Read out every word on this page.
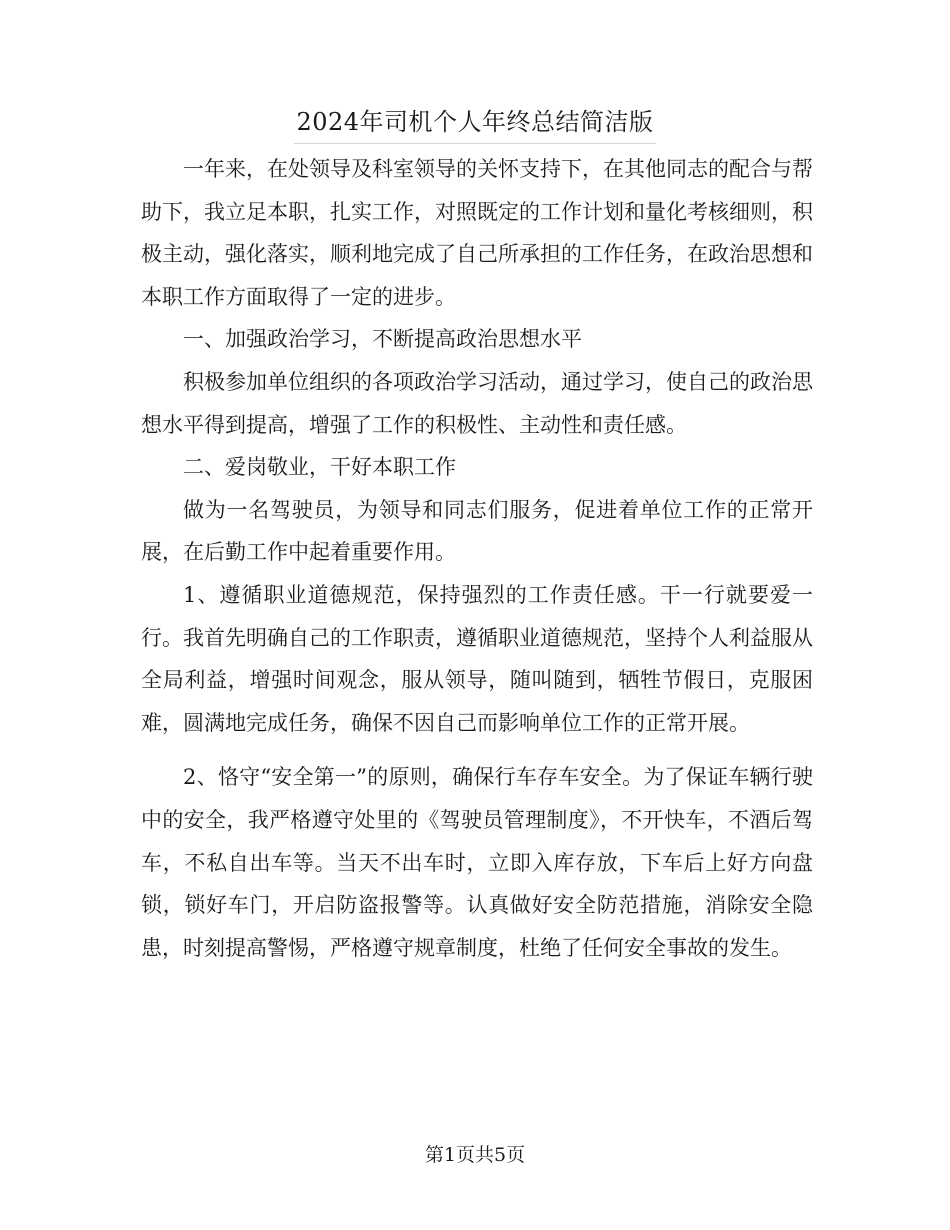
2024年司机个人年终总结简洁版

一年来，在处领导及科室领导的关怀支持下，在其他同志的配合与帮助下，我立足本职，扎实工作，对照既定的工作计划和量化考核细则，积极主动，强化落实，顺利地完成了自己所承担的工作任务，在政治思想和本职工作方面取得了一定的进步。

一、加强政治学习，不断提高政治思想水平

积极参加单位组织的各项政治学习活动，通过学习，使自己的政治思想水平得到提高，增强了工作的积极性、主动性和责任感。

二、爱岗敬业，干好本职工作

做为一名驾驶员，为领导和同志们服务，促进着单位工作的正常开展，在后勤工作中起着重要作用。

1、遵循职业道德规范，保持强烈的工作责任感。干一行就要爱一行。我首先明确自己的工作职责，遵循职业道德规范，坚持个人利益服从全局利益，增强时间观念，服从领导，随叫随到，牺牲节假日，克服困难，圆满地完成任务，确保不因自己而影响单位工作的正常开展。

2、恪守“安全第一”的原则，确保行车存车安全。为了保证车辆行驶中的安全，我严格遵守处里的《驾驶员管理制度》，不开快车，不酒后驾车，不私自出车等。当天不出车时，立即入库存放，下车后上好方向盘锁，锁好车门，开启防盗报警等。认真做好安全防范措施，消除安全隐患，时刻提高警惕，严格遵守规章制度，杜绝了任何安全事故的发生。

第1页共5页
